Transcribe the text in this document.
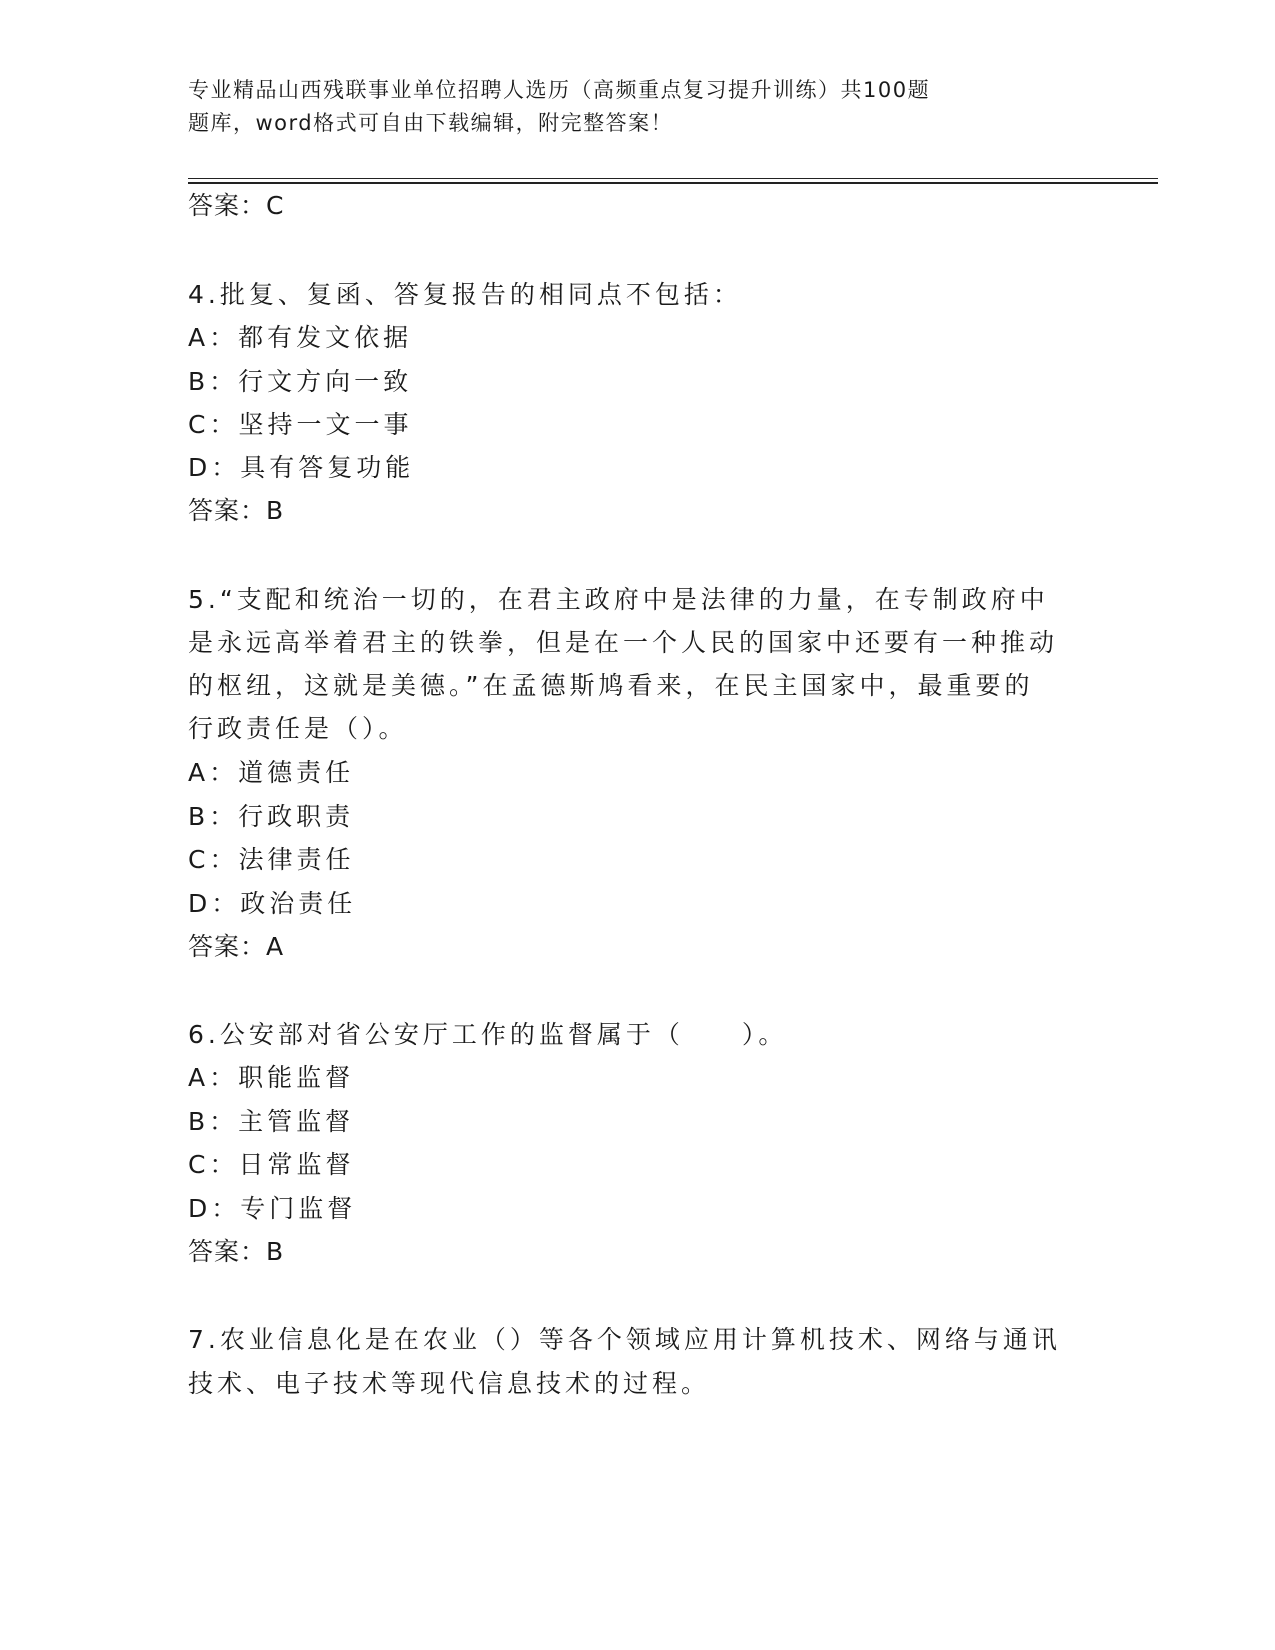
专业精品山西残联事业单位招聘人选历（高频重点复习提升训练）共100题
题库，word格式可自由下载编辑，附完整答案！
答案：C
4.批复、复函、答复报告的相同点不包括：
A：都有发文依据
B：行文方向一致
C：坚持一文一事
D：具有答复功能
答案：B
5.“支配和统治一切的，在君主政府中是法律的力量，在专制政府中
是永远高举着君主的铁拳，但是在一个人民的国家中还要有一种推动
的枢纽，这就是美德。”在孟德斯鸠看来，在民主国家中，最重要的
行政责任是（）。
A：道德责任
B：行政职责
C：法律责任
D：政治责任
答案：A
6.公安部对省公安厅工作的监督属于（　　）。
A：职能监督
B：主管监督
C：日常监督
D：专门监督
答案：B
7.农业信息化是在农业（）等各个领域应用计算机技术、网络与通讯
技术、电子技术等现代信息技术的过程。
